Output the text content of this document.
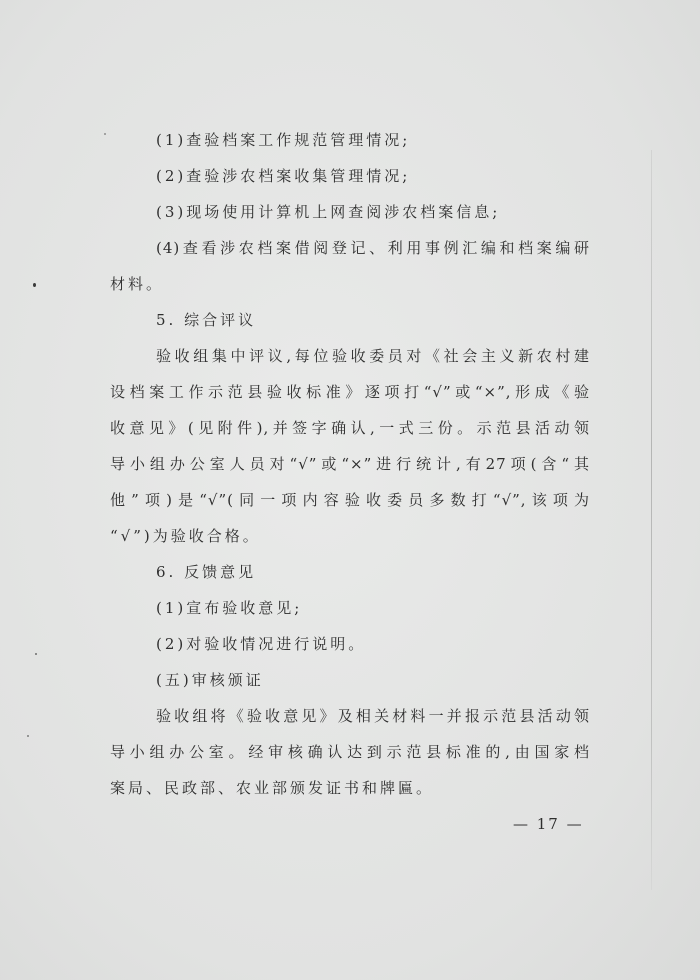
(1)查验档案工作规范管理情况;
(2)查验涉农档案收集管理情况;
(3)现场使用计算机上网查阅涉农档案信息;
(4)查看涉农档案借阅登记、利用事例汇编和档案编研
材料。
5. 综合评议
验收组集中评议,每位验收委员对《社会主义新农村建
设档案工作示范县验收标准》逐项打“√”或“×”,形成《验
收意见》(见附件),并签字确认,一式三份。示范县活动领
导小组办公室人员对“√”或“×”进行统计,有27项(含“其
他”项)是“√”(同一项内容验收委员多数打“√”,该项为
“√”)为验收合格。
6. 反馈意见
(1)宣布验收意见;
(2)对验收情况进行说明。
(五)审核颁证
验收组将《验收意见》及相关材料一并报示范县活动领
导小组办公室。经审核确认达到示范县标准的,由国家档
案局、民政部、农业部颁发证书和牌匾。
— 17 —
